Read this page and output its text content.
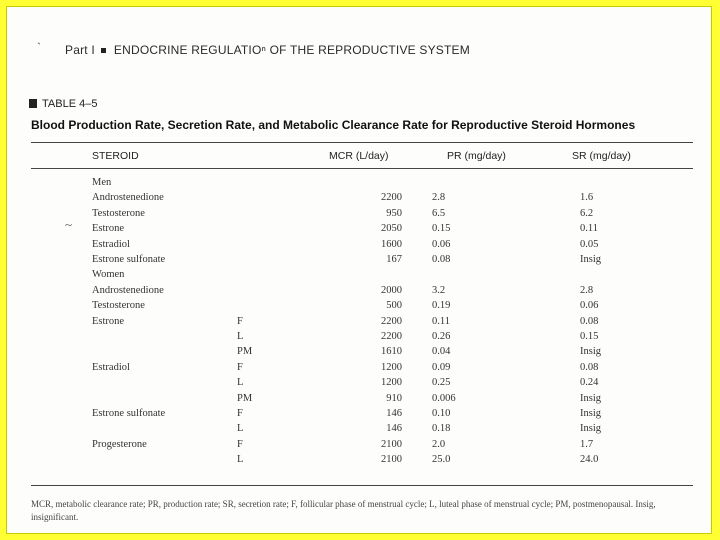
` Part I ENDOCRINE REGULATIOⁿ OF THE REPRODUCTIVE SYSTEM
TABLE 4–5
Blood Production Rate, Secretion Rate, and Metabolic Clearance Rate for Reproductive Steroid Hormones
STEROID	MCR (L/day)	PR (mg/day)	SR (mg/day)
Men
Androstenedione	2200	2.8	1.6
Testosterone	950	6.5	6.2
Estrone	2050	0.15	0.11
Estradiol	1600	0.06	0.05
Estrone sulfonate	167	0.08	Insig
Women
Androstenedione	2000	3.2	2.8
Testosterone	500	0.19	0.06
Estrone	F	2200	0.11	0.08
L	2200	0.26	0.15
PM	1610	0.04	Insig
Estradiol	F	1200	0.09	0.08
L	1200	0.25	0.24
PM	910	0.006	Insig
Estrone sulfonate	F	146	0.10	Insig
L	146	0.18	Insig
Progesterone	F	2100	2.0	1.7
L	2100	25.0	24.0
~
MCR, metabolic clearance rate; PR, production rate; SR, secretion rate; F, follicular phase of menstrual cycle; L, luteal phase of menstrual cycle; PM, postmenopausal. Insig, insignificant.
